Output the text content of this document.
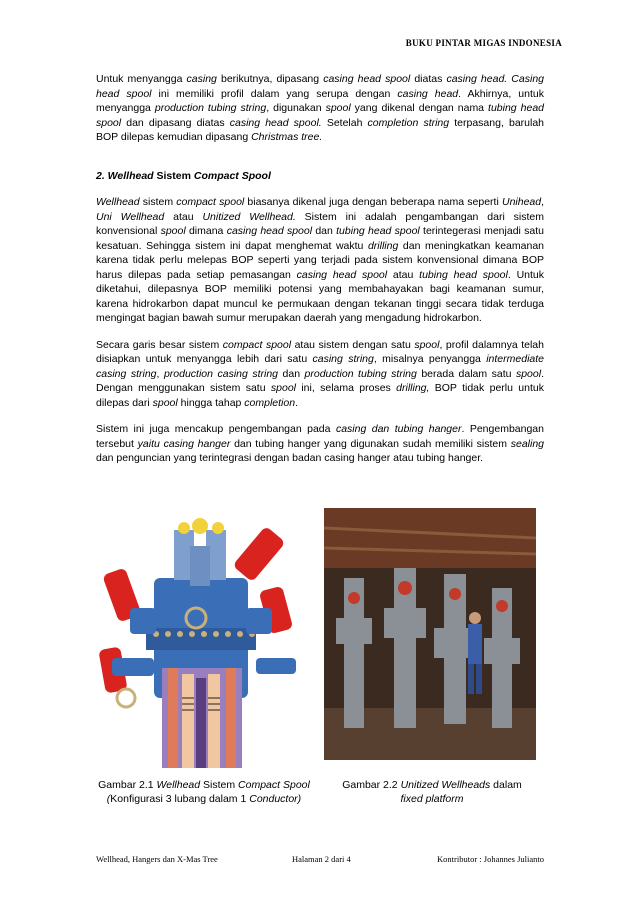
BUKU PINTAR MIGAS INDONESIA

Untuk menyangga casing berikutnya, dipasang casing head spool diatas casing head. Casing head spool ini memiliki profil dalam yang serupa dengan casing head. Akhirnya, untuk menyangga production tubing string, digunakan spool yang dikenal dengan nama tubing head spool dan dipasang diatas casing head spool. Setelah completion string terpasang, barulah BOP dilepas kemudian dipasang Christmas tree.

2. Wellhead Sistem Compact Spool

Wellhead sistem compact spool biasanya dikenal juga dengan beberapa nama seperti Unihead, Uni Wellhead atau Unitized Wellhead. Sistem ini adalah pengambangan dari sistem konvensional spool dimana casing head spool dan tubing head spool terintegerasi menjadi satu kesatuan. Sehingga sistem ini dapat menghemat waktu drilling dan meningkatkan keamanan karena tidak perlu melepas BOP seperti yang terjadi pada sistem konvensional dimana BOP harus dilepas pada setiap pemasangan casing head spool atau tubing head spool. Untuk diketahui, dilepasnya BOP memiliki potensi yang membahayakan bagi keamanan sumur, karena hidrokarbon dapat muncul ke permukaan dengan tekanan tinggi secara tidak terduga mengingat bagian bawah sumur merupakan daerah yang mengadung hidrokarbon.

Secara garis besar sistem compact spool atau sistem dengan satu spool, profil dalamnya telah disiapkan untuk menyangga lebih dari satu casing string, misalnya penyangga intermediate casing string, production casing string dan production tubing string berada dalam satu spool. Dengan menggunakan sistem satu spool ini, selama proses drilling, BOP tidak perlu untuk dilepas dari spool hingga tahap completion.

Sistem ini juga mencakup pengembangan pada casing dan tubing hanger. Pengembangan tersebut yaitu casing hanger dan tubing hanger yang digunakan sudah memiliki sistem sealing dan penguncian yang terintegrasi dengan badan casing hanger atau tubing hanger.

Gambar 2.1 Wellhead Sistem Compact Spool (Konfigurasi 3 lubang dalam 1 Conductor)
Gambar 2.2 Unitized Wellheads dalam fixed platform
Wellhead, Hangers dan X-Mas Tree	Halaman 2 dari 4	Kontributor : Johannes Julianto
